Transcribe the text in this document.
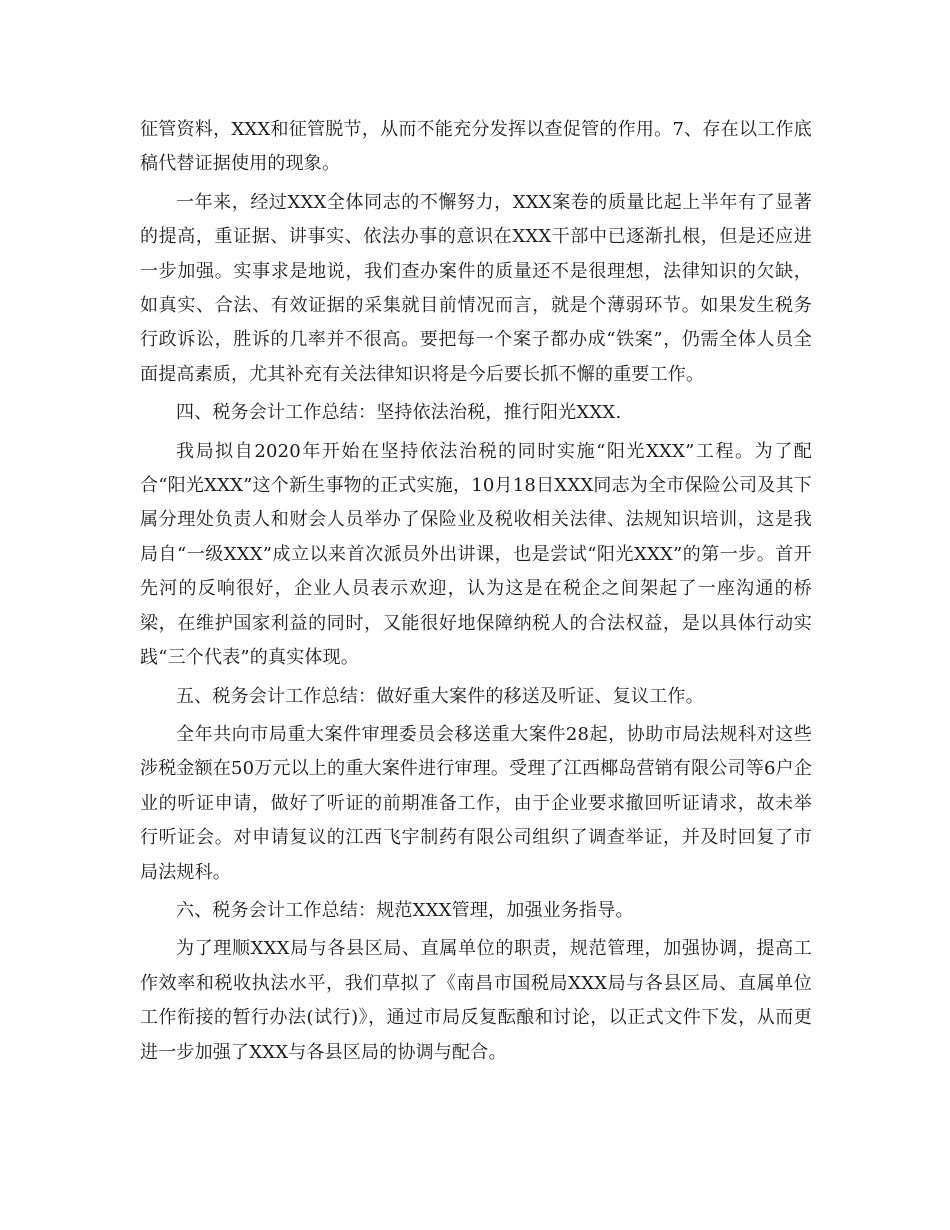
征管资料，XXX和征管脱节，从而不能充分发挥以查促管的作用。7、存在以工作底稿代替证据使用的现象。

一年来，经过XXX全体同志的不懈努力，XXX案卷的质量比起上半年有了显著的提高，重证据、讲事实、依法办事的意识在XXX干部中已逐渐扎根，但是还应进一步加强。实事求是地说，我们查办案件的质量还不是很理想，法律知识的欠缺，如真实、合法、有效证据的采集就目前情况而言，就是个薄弱环节。如果发生税务行政诉讼，胜诉的几率并不很高。要把每一个案子都办成“铁案”，仍需全体人员全面提高素质，尤其补充有关法律知识将是今后要长抓不懈的重要工作。

四、税务会计工作总结：坚持依法治税，推行阳光XXX.

我局拟自2020年开始在坚持依法治税的同时实施“阳光XXX”工程。为了配合“阳光XXX”这个新生事物的正式实施，10月18日XXX同志为全市保险公司及其下属分理处负责人和财会人员举办了保险业及税收相关法律、法规知识培训，这是我局自“一级XXX”成立以来首次派员外出讲课，也是尝试“阳光XXX”的第一步。首开先河的反响很好，企业人员表示欢迎，认为这是在税企之间架起了一座沟通的桥梁，在维护国家利益的同时，又能很好地保障纳税人的合法权益，是以具体行动实践“三个代表”的真实体现。

五、税务会计工作总结：做好重大案件的移送及听证、复议工作。

全年共向市局重大案件审理委员会移送重大案件28起，协助市局法规科对这些涉税金额在50万元以上的重大案件进行审理。受理了江西椰岛营销有限公司等6户企业的听证申请，做好了听证的前期准备工作，由于企业要求撤回听证请求，故未举行听证会。对申请复议的江西飞宇制药有限公司组织了调查举证，并及时回复了市局法规科。

六、税务会计工作总结：规范XXX管理，加强业务指导。

为了理顺XXX局与各县区局、直属单位的职责，规范管理，加强协调，提高工作效率和税收执法水平，我们草拟了《南昌市国税局XXX局与各县区局、直属单位工作衔接的暂行办法(试行)》，通过市局反复酝酿和讨论，以正式文件下发，从而更进一步加强了XXX与各县区局的协调与配合。
